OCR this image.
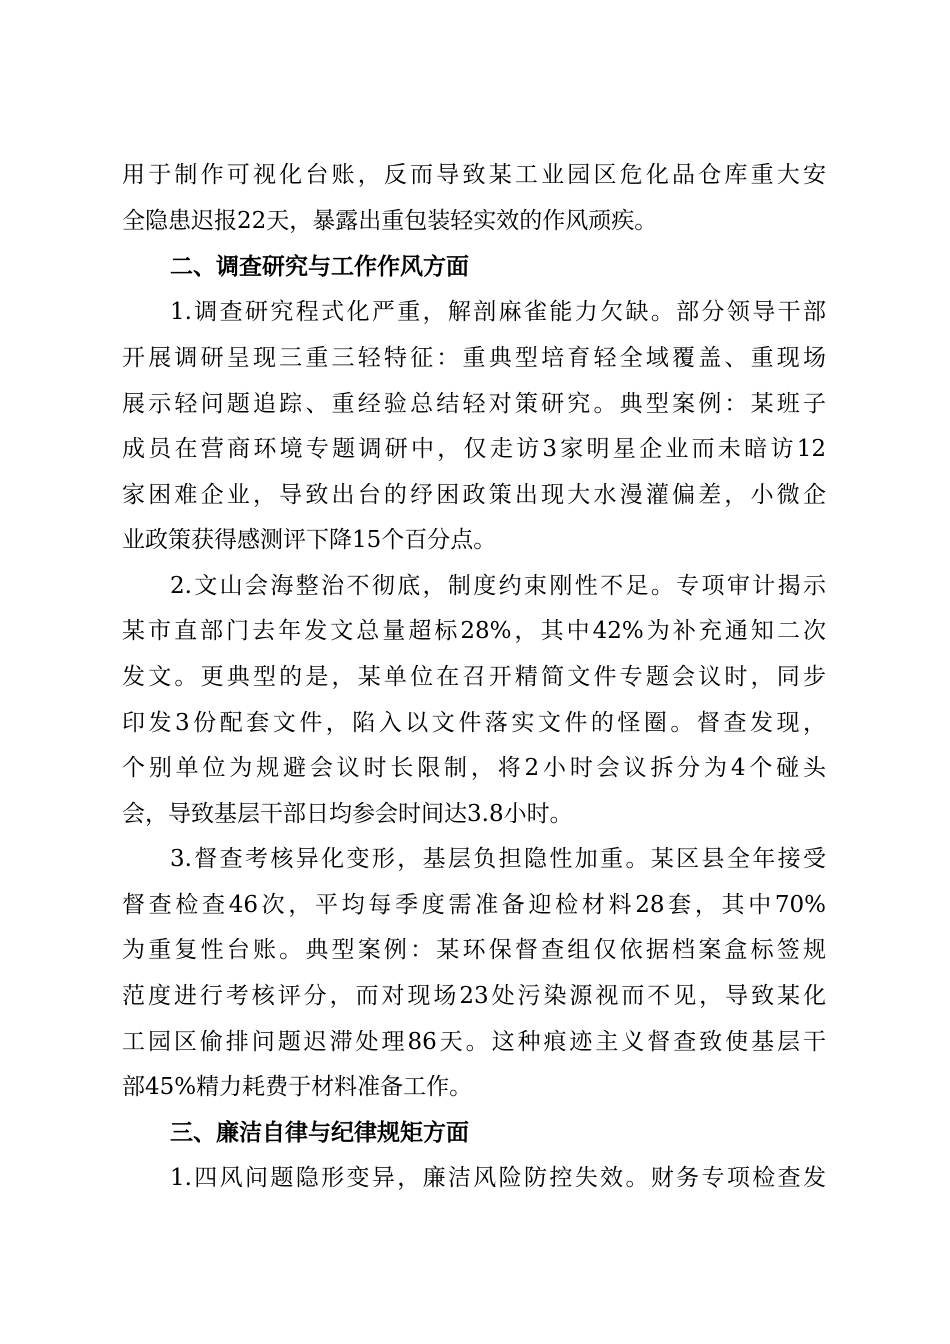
用于制作可视化台账，反而导致某工业园区危化品仓库重大安
全隐患迟报22天，暴露出重包装轻实效的作风顽疾。
二、调查研究与工作作风方面
1.调查研究程式化严重，解剖麻雀能力欠缺。部分领导干部
开展调研呈现三重三轻特征：重典型培育轻全域覆盖、重现场
展示轻问题追踪、重经验总结轻对策研究。典型案例：某班子
成员在营商环境专题调研中，仅走访3家明星企业而未暗访12
家困难企业，导致出台的纾困政策出现大水漫灌偏差，小微企
业政策获得感测评下降15个百分点。
2.文山会海整治不彻底，制度约束刚性不足。专项审计揭示
某市直部门去年发文总量超标28%，其中42%为补充通知二次
发文。更典型的是，某单位在召开精简文件专题会议时，同步
印发3份配套文件，陷入以文件落实文件的怪圈。督查发现，
个别单位为规避会议时长限制，将2小时会议拆分为4个碰头
会，导致基层干部日均参会时间达3.8小时。
3.督查考核异化变形，基层负担隐性加重。某区县全年接受
督查检查46次，平均每季度需准备迎检材料28套，其中70%
为重复性台账。典型案例：某环保督查组仅依据档案盒标签规
范度进行考核评分，而对现场23处污染源视而不见，导致某化
工园区偷排问题迟滞处理86天。这种痕迹主义督查致使基层干
部45%精力耗费于材料准备工作。
三、廉洁自律与纪律规矩方面
1.四风问题隐形变异，廉洁风险防控失效。财务专项检查发
